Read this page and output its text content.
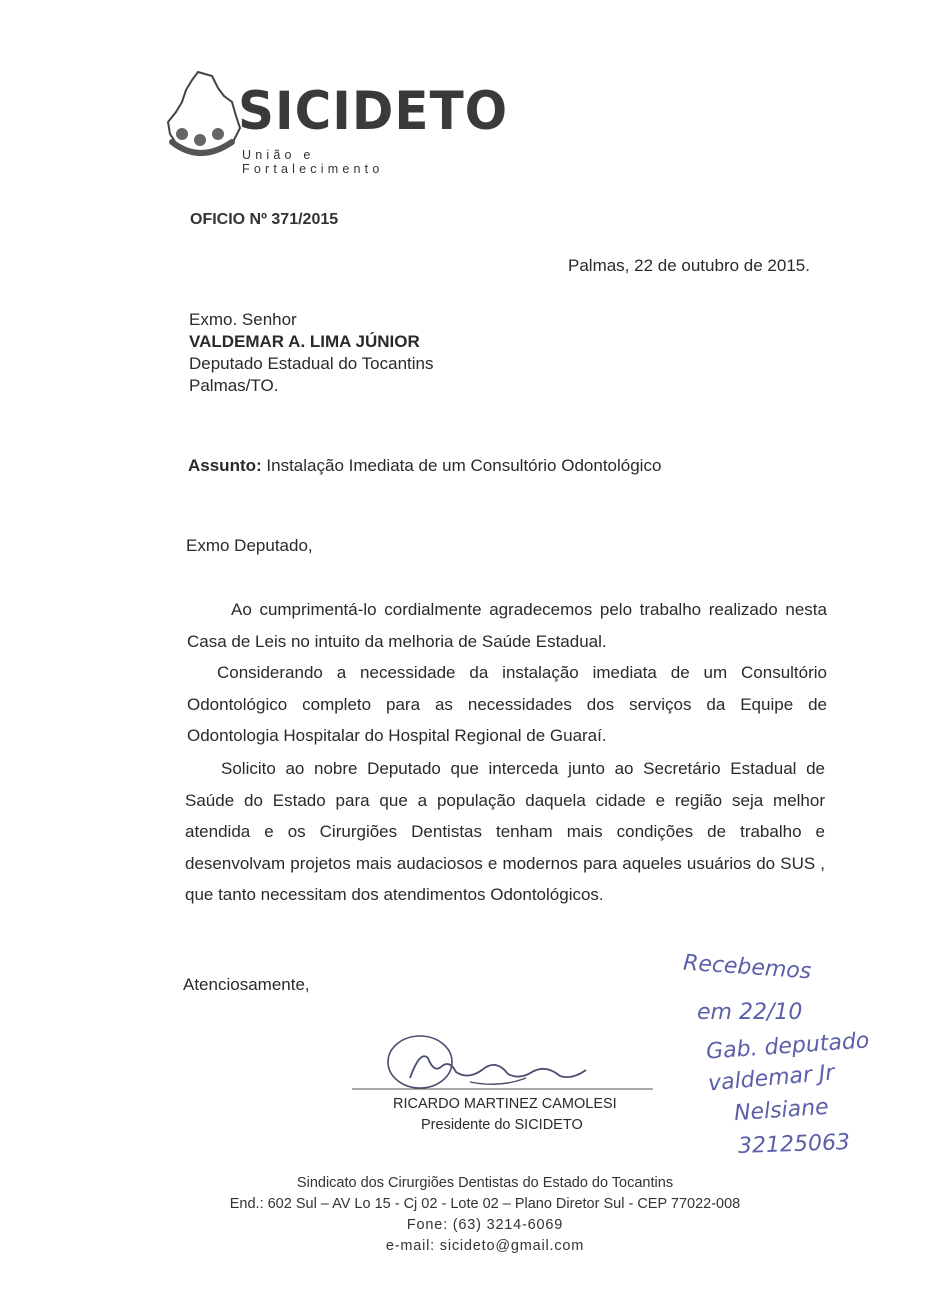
SICIDETO
União e Fortalecimento
OFICIO Nº 371/2015
Palmas, 22 de outubro de 2015.
Exmo. Senhor
VALDEMAR A. LIMA JÚNIOR
Deputado Estadual do Tocantins
Palmas/TO.
Assunto: Instalação Imediata de um Consultório Odontológico
Exmo Deputado,
Ao cumprimentá-lo cordialmente agradecemos pelo trabalho realizado nesta Casa de Leis no intuito da melhoria de Saúde Estadual.
Considerando a necessidade da instalação imediata de um Consultório Odontológico completo para as necessidades dos serviços da Equipe de Odontologia Hospitalar do Hospital Regional de Guaraí.
Solicito ao nobre Deputado que interceda junto ao Secretário Estadual de Saúde do Estado para que a população daquela cidade e região seja melhor atendida e os Cirurgiões Dentistas tenham mais condições de trabalho e desenvolvam projetos mais audaciosos e modernos para aqueles usuários do SUS , que tanto necessitam dos atendimentos Odontológicos.
Atenciosamente,
RICARDO MARTINEZ CAMOLESI
Presidente do SICIDETO
Recebemos
em 22/10
Gab. deputado
valdemar Jr
Nelsiane
32125063
Sindicato dos Cirurgiões Dentistas do Estado do Tocantins
End.: 602 Sul – AV Lo 15 - Cj 02 - Lote 02 – Plano Diretor Sul - CEP 77022-008
Fone: (63) 3214-6069
e-mail: sicideto@gmail.com
